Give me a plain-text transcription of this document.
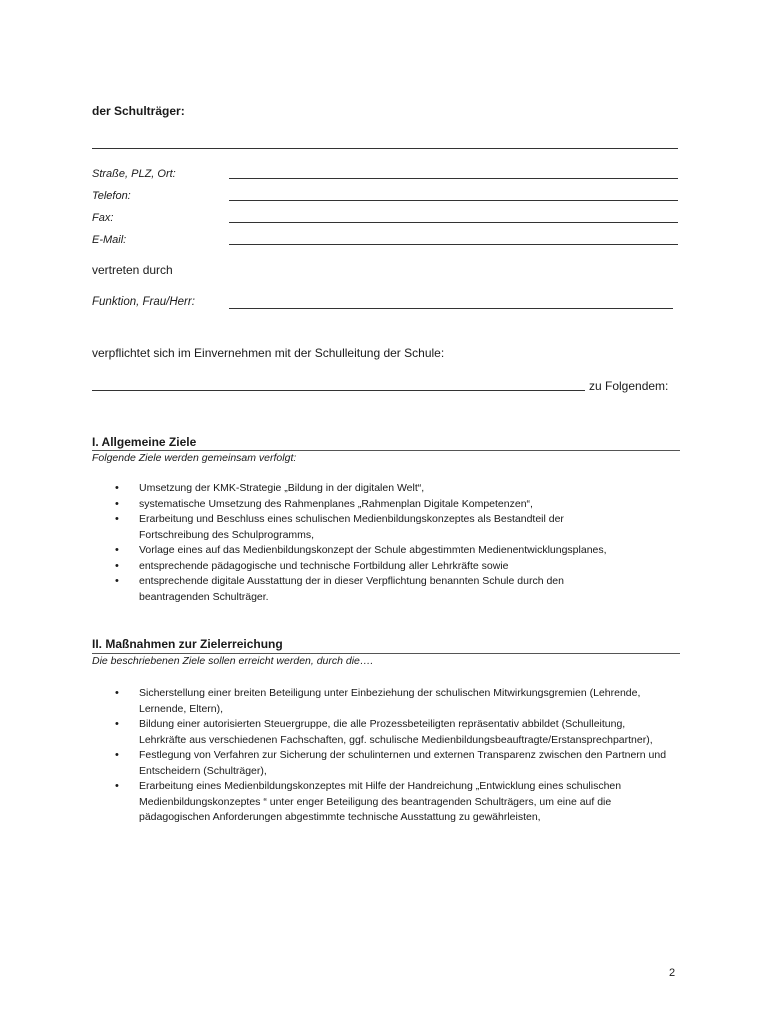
der Schulträger:
Straße, PLZ, Ort:
Telefon:
Fax:
E-Mail:
vertreten durch
Funktion, Frau/Herr:
verpflichtet sich im Einvernehmen mit der Schulleitung der Schule:
zu Folgendem:
I. Allgemeine Ziele
Folgende Ziele werden gemeinsam verfolgt:
• Umsetzung der KMK-Strategie „Bildung in der digitalen Welt“,
• systematische Umsetzung des Rahmenplanes „Rahmenplan Digitale Kompetenzen“,
• Erarbeitung und Beschluss eines schulischen Medienbildungskonzeptes als Bestandteil der Fortschreibung des Schulprogramms,
• Vorlage eines auf das Medienbildungskonzept der Schule abgestimmten Medienentwicklungsplanes,
• entsprechende pädagogische und technische Fortbildung aller Lehrkräfte sowie
• entsprechende digitale Ausstattung der in dieser Verpflichtung benannten Schule durch den beantragenden Schulträger.
II. Maßnahmen zur Zielerreichung
Die beschriebenen Ziele sollen erreicht werden, durch die….
• Sicherstellung einer breiten Beteiligung unter Einbeziehung der schulischen Mitwirkungsgremien (Lehrende, Lernende, Eltern),
• Bildung einer autorisierten Steuergruppe, die alle Prozessbeteiligten repräsentativ abbildet (Schulleitung, Lehrkräfte aus verschiedenen Fachschaften, ggf. schulische Medienbildungsbeauftragte/Erstansprechpartner),
• Festlegung von Verfahren zur Sicherung der schulinternen und externen Transparenz zwischen den Partnern und Entscheidern (Schulträger),
• Erarbeitung eines Medienbildungskonzeptes mit Hilfe der Handreichung „Entwicklung eines schulischen Medienbildungskonzeptes “ unter enger Beteiligung des beantragenden Schulträgers, um eine auf die pädagogischen Anforderungen abgestimmte technische Ausstattung zu gewährleisten,
2
